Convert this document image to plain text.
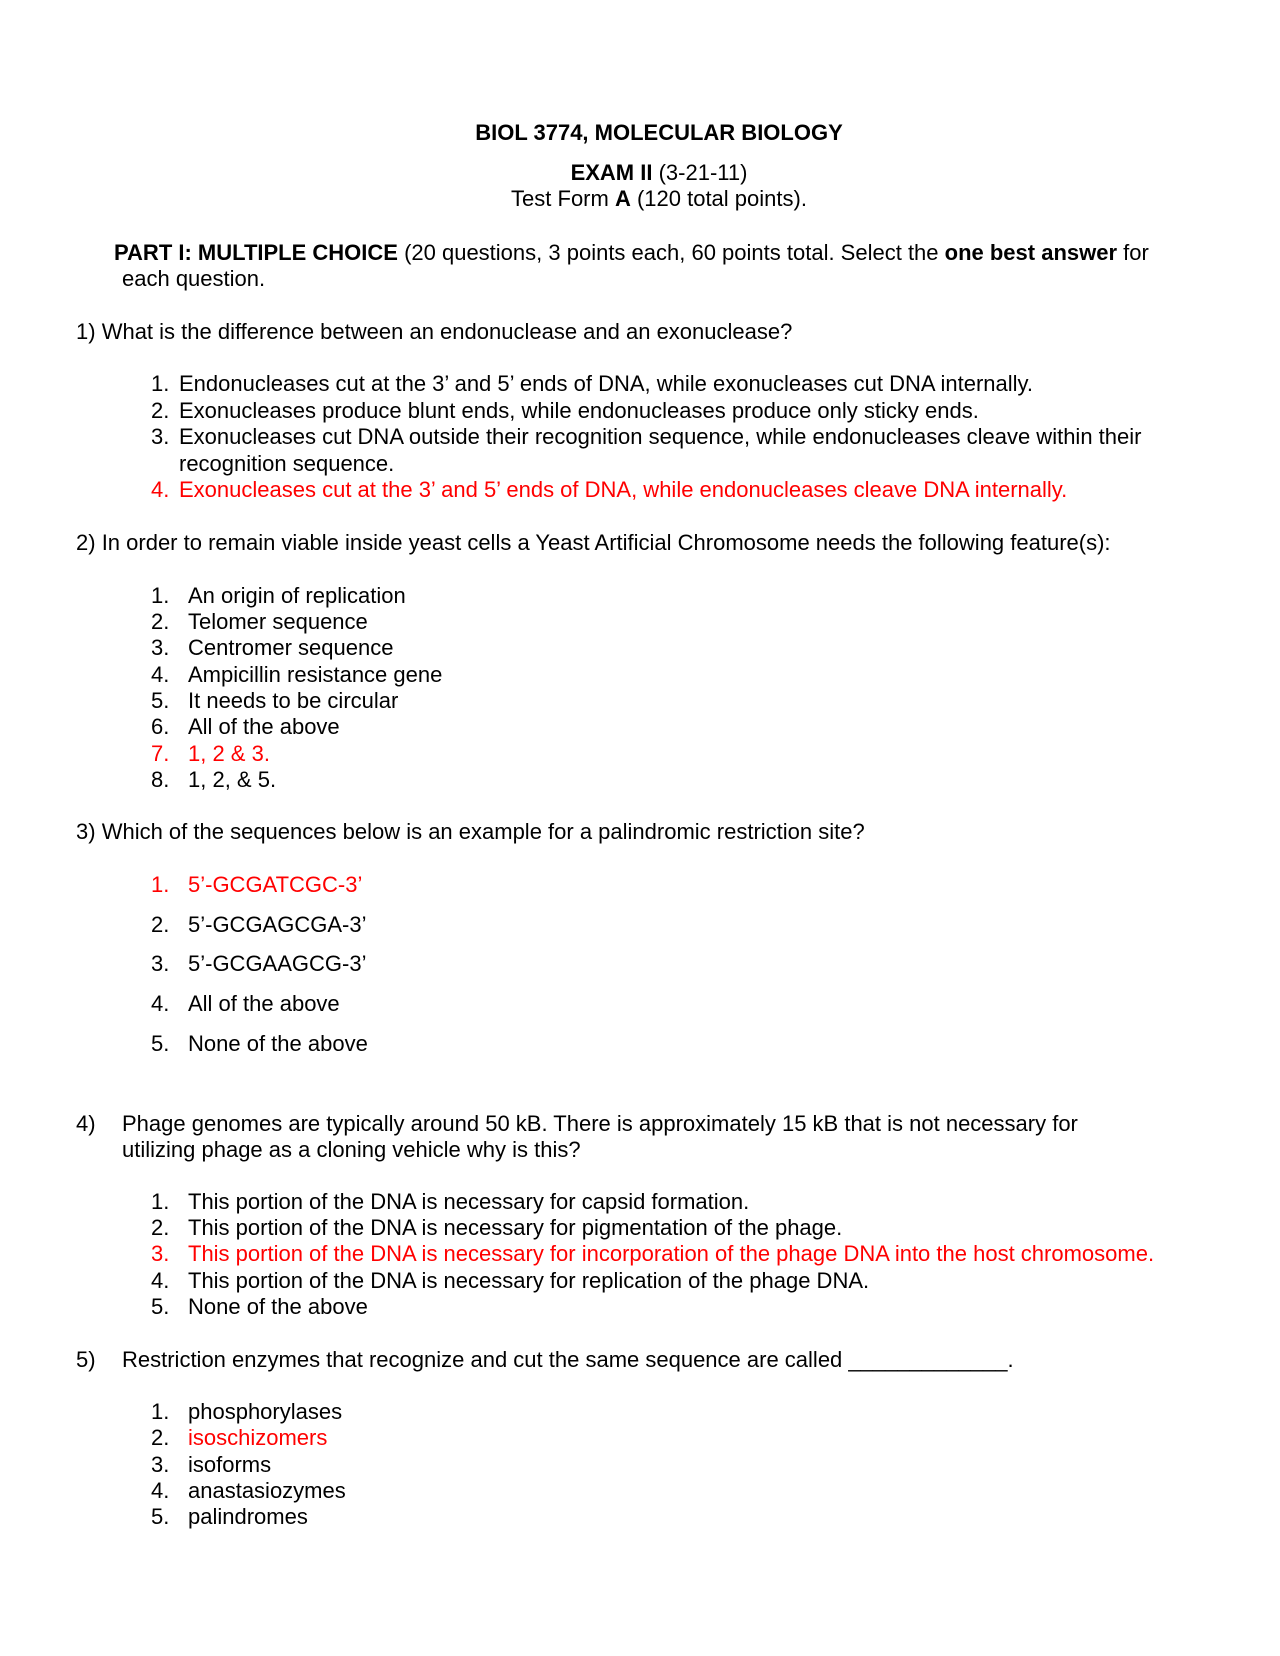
BIOL 3774, MOLECULAR BIOLOGY
EXAM II (3-21-11)
Test Form A (120 total points).
PART I: MULTIPLE CHOICE (20 questions, 3 points each, 60 points total. Select the one best answer for
each question.
1) What is the difference between an endonuclease and an exonuclease?
1. Endonucleases cut at the 3’ and 5’ ends of DNA, while exonucleases cut DNA internally.
2. Exonucleases produce blunt ends, while endonucleases produce only sticky ends.
3. Exonucleases cut DNA outside their recognition sequence, while endonucleases cleave within their
recognition sequence.
4. Exonucleases cut at the 3’ and 5’ ends of DNA, while endonucleases cleave DNA internally.
2) In order to remain viable inside yeast cells a Yeast Artificial Chromosome needs the following feature(s):
1. An origin of replication
2. Telomer sequence
3. Centromer sequence
4. Ampicillin resistance gene
5. It needs to be circular
6. All of the above
7. 1, 2 & 3.
8. 1, 2, & 5.
3) Which of the sequences below is an example for a palindromic restriction site?
1. 5’-GCGATCGC-3’
2. 5’-GCGAGCGA-3’
3. 5’-GCGAAGCG-3’
4. All of the above
5. None of the above
4) Phage genomes are typically around 50 kB. There is approximately 15 kB that is not necessary for
utilizing phage as a cloning vehicle why is this?
1. This portion of the DNA is necessary for capsid formation.
2. This portion of the DNA is necessary for pigmentation of the phage.
3. This portion of the DNA is necessary for incorporation of the phage DNA into the host chromosome.
4. This portion of the DNA is necessary for replication of the phage DNA.
5. None of the above
5) Restriction enzymes that recognize and cut the same sequence are called _____________.
1. phosphorylases
2. isoschizomers
3. isoforms
4. anastasiozymes
5. palindromes
